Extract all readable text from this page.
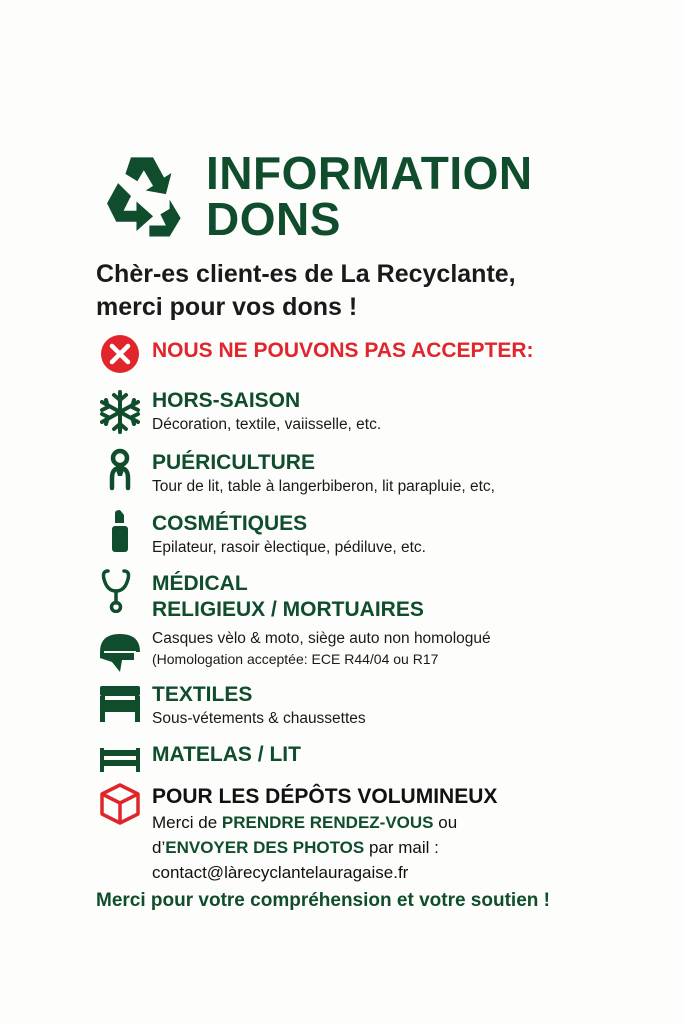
INFORMATION
DONS
Chèr-es client-es de La Recyclante,
merci pour vos dons !
NOUS NE POUVONS PAS ACCEPTER:
HORS-SAISON
Décoration, textile, vaiisselle, etc.
PUÉRICULTURE
Tour de lit, table à langerbiberon, lit parapluie, etc,
COSMÉTIQUES
Epilateur, rasoir èlectique, pédiluve, etc.
MÉDICAL
RELIGIEUX / MORTUAIRES
Casques vèlo & moto, siège auto non homologué
(Homologation acceptée: ECE R44/04 ou R17
TEXTILES
Sous-vétements & chaussettes
MATELAS / LIT
POUR LES DÉPÔTS VOLUMINEUX
Merci de PRENDRE RENDEZ-VOUS ou
d’ENVOYER DES PHOTOS par mail :
contact@làrecyclantelauragaise.fr
Merci pour votre compréhension et votre soutien !
